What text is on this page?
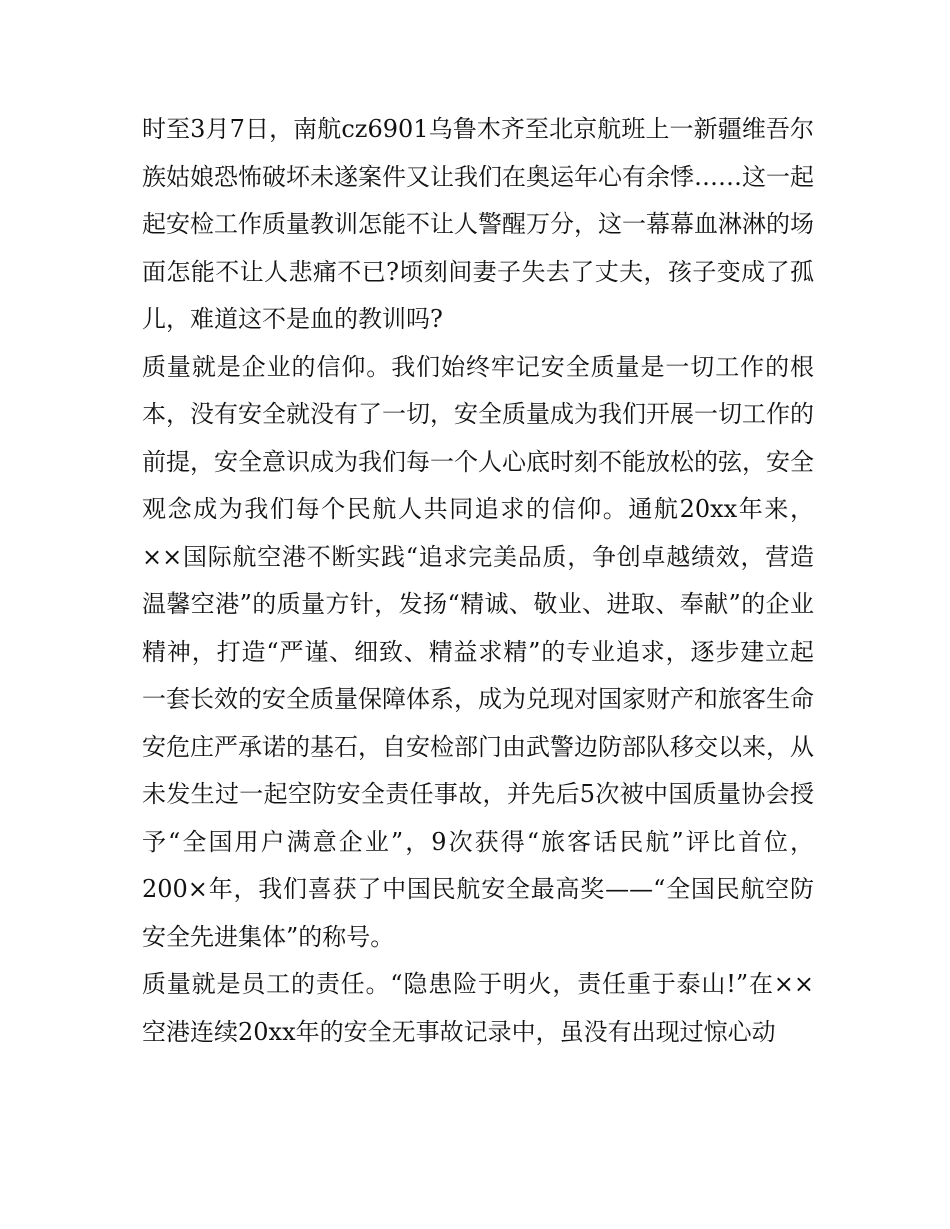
时至3月7日，南航cz6901乌鲁木齐至北京航班上一新疆维吾尔族姑娘恐怖破坏未遂案件又让我们在奥运年心有余悸……这一起起安检工作质量教训怎能不让人警醒万分，这一幕幕血淋淋的场面怎能不让人悲痛不已?顷刻间妻子失去了丈夫，孩子变成了孤儿，难道这不是血的教训吗?

质量就是企业的信仰。我们始终牢记安全质量是一切工作的根本，没有安全就没有了一切，安全质量成为我们开展一切工作的前提，安全意识成为我们每一个人心底时刻不能放松的弦，安全观念成为我们每个民航人共同追求的信仰。通航20xx年来，××国际航空港不断实践“追求完美品质，争创卓越绩效，营造温馨空港”的质量方针，发扬“精诚、敬业、进取、奉献”的企业精神，打造“严谨、细致、精益求精”的专业追求，逐步建立起一套长效的安全质量保障体系，成为兑现对国家财产和旅客生命安危庄严承诺的基石，自安检部门由武警边防部队移交以来，从未发生过一起空防安全责任事故，并先后5次被中国质量协会授予“全国用户满意企业”，9次获得“旅客话民航”评比首位，200×年，我们喜获了中国民航安全最高奖——“全国民航空防安全先进集体”的称号。

质量就是员工的责任。“隐患险于明火，责任重于泰山!”在××空港连续20xx年的安全无事故记录中，虽没有出现过惊心动
